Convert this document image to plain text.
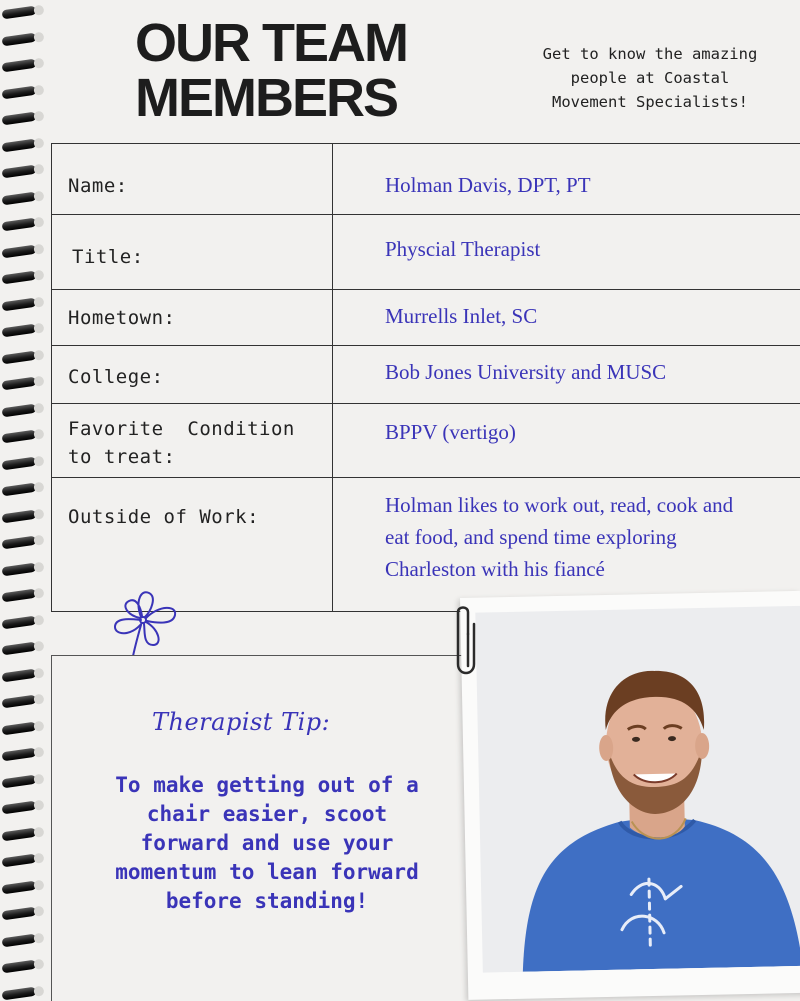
OUR TEAM
MEMBERS

Get to know the amazing people at Coastal Movement Specialists!

Name:	Holman Davis, DPT, PT

Title:	Physcial Therapist

Hometown:	Murrells Inlet, SC

College:	Bob Jones University and MUSC

Favorite  Condition to treat:	BPPV (vertigo)

Outside of Work:	Holman likes to work out, read, cook and eat food, and spend time exploring Charleston with his fiancé

Therapist Tip:

To make getting out of a chair easier, scoot forward and use your momentum to lean forward before standing!
